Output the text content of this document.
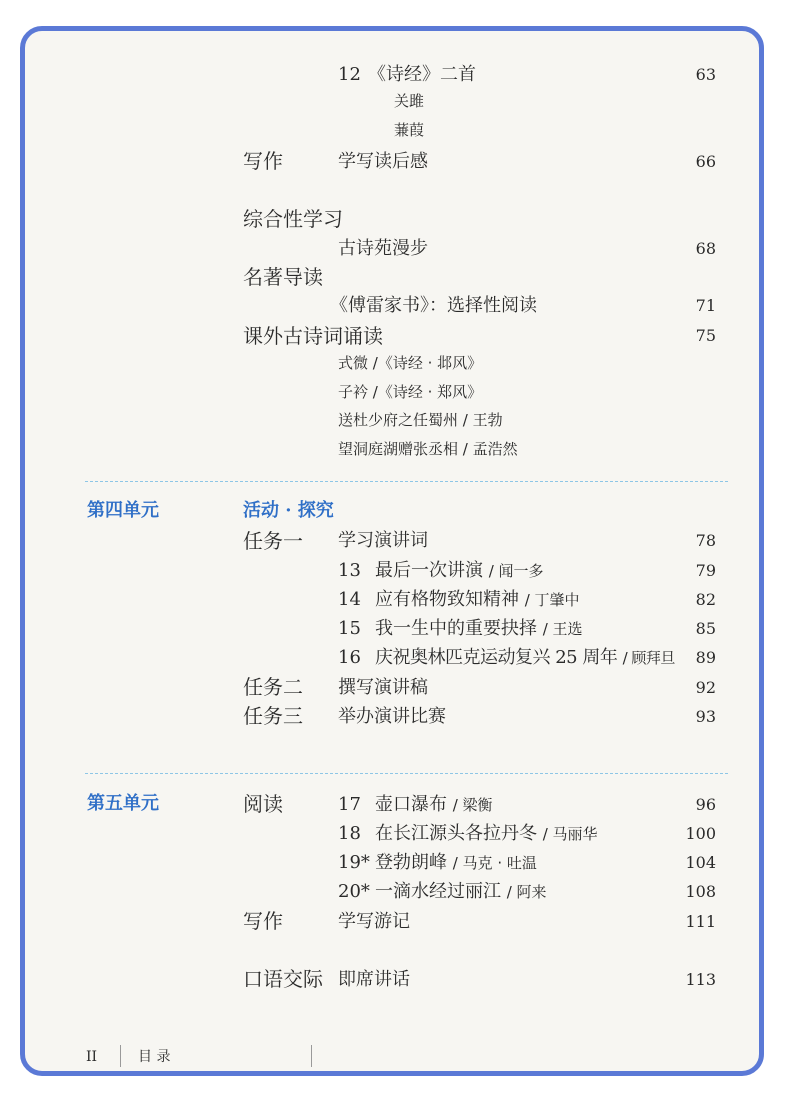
12 《诗经》二首	63
关雎
蒹葭
写作	学写读后感	66
综合性学习
古诗苑漫步	68
名著导读
《傅雷家书》：选择性阅读	71
课外古诗词诵读	75
式微 /《诗经 · 邶风》
子衿 /《诗经 · 郑风》
送杜少府之任蜀州 / 王勃
望洞庭湖赠张丞相 / 孟浩然
第四单元	活动 · 探究
任务一 学习演讲词	78
13 最后一次讲演 / 闻一多	79
14 应有格物致知精神 / 丁肇中	82
15 我一生中的重要抉择 / 王选	85
16 庆祝奥林匹克运动复兴 25 周年 / 顾拜旦 89
任务二 撰写演讲稿	92
任务三 举办演讲比赛	93
第五单元	阅读	17 壶口瀑布 / 梁衡	96
18 在长江源头各拉丹冬 / 马丽华	100
19* 登勃朗峰 / 马克 · 吐温	104
20* 一滴水经过丽江 / 阿来	108
写作	学写游记	111
口语交际 即席讲话	113
II	目 录
